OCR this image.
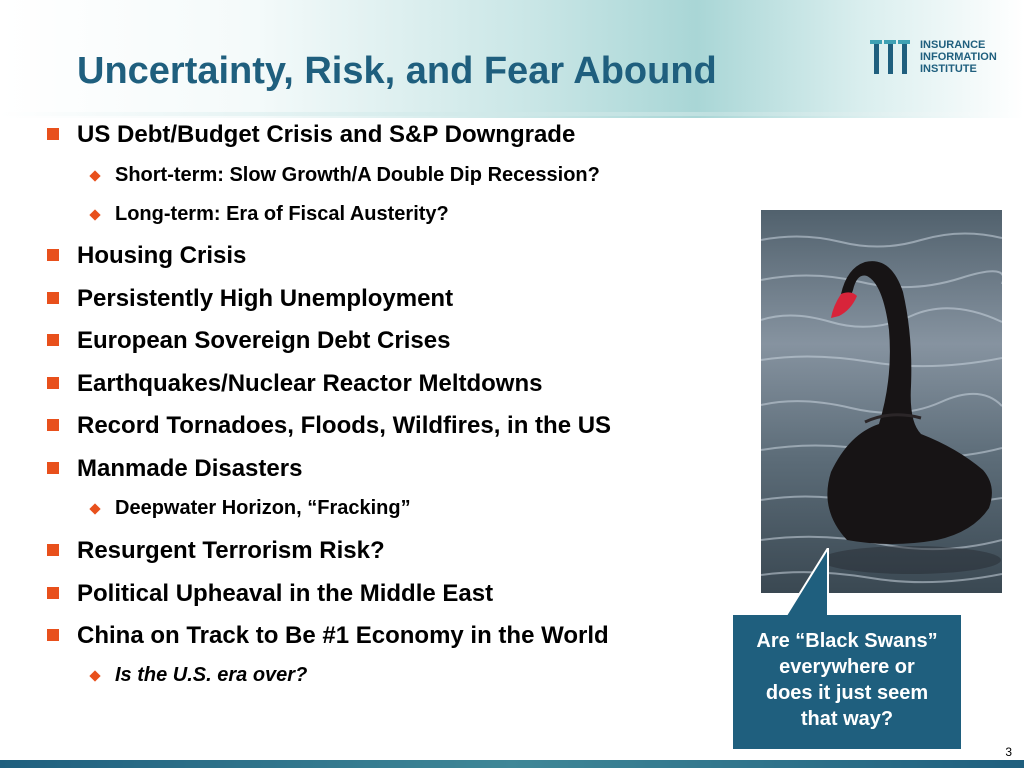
Uncertainty, Risk, and Fear Abound
INSURANCE
INFORMATION
INSTITUTE
US Debt/Budget Crisis and S&P Downgrade
Short-term: Slow Growth/A Double Dip Recession?
Long-term: Era of Fiscal Austerity?
Housing Crisis
Persistently High Unemployment
European Sovereign Debt Crises
Earthquakes/Nuclear Reactor Meltdowns
Record Tornadoes, Floods, Wildfires, in the US
Manmade Disasters
Deepwater Horizon, “Fracking”
Resurgent Terrorism Risk?
Political Upheaval in the Middle East
China on Track to Be #1 Economy in the World
Is the U.S. era over?
Are “Black Swans”
everywhere or
does it just seem
that way?
3
